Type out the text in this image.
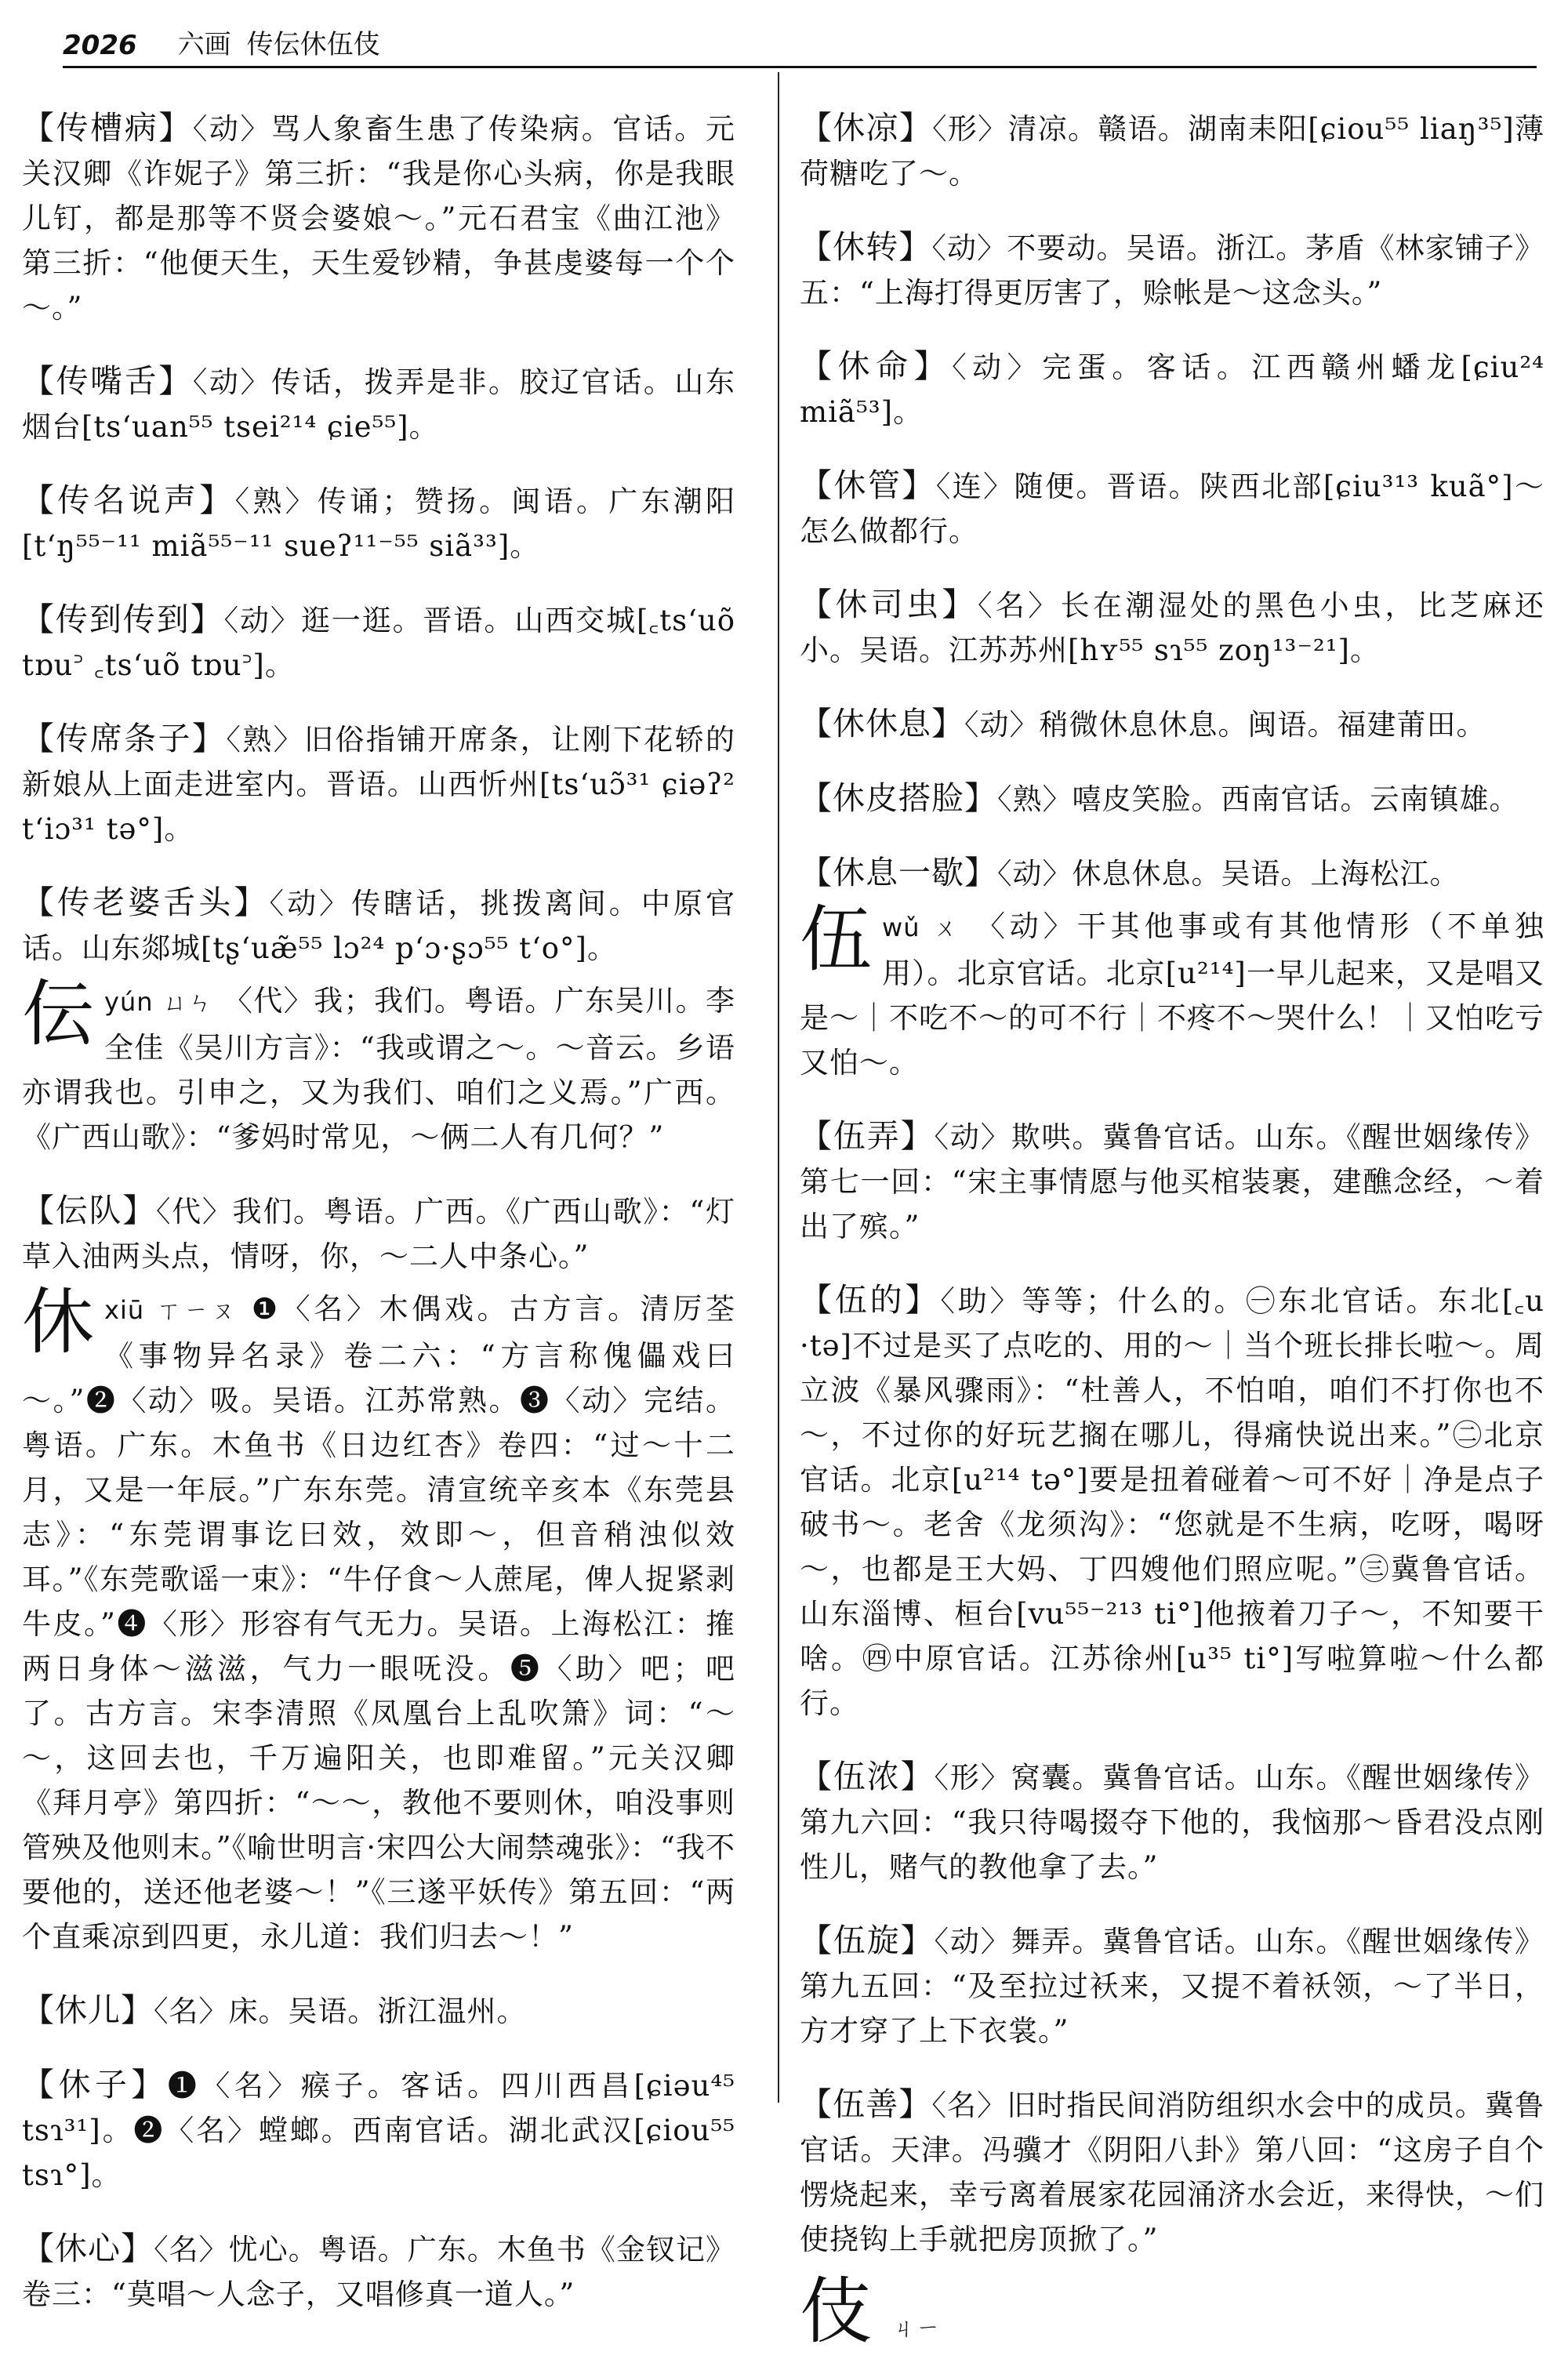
2026 六画 传伝休伍伎

【传槽病】〈动〉骂人象畜生患了传染病。官话。元关汉卿《诈妮子》第三折：“我是你心头病，你是我眼儿钉，都是那等不贤会婆娘～。”元石君宝《曲江池》第三折：“他便天生，天生爱钞精，争甚虔婆每一个个～。”

【传嘴舌】〈动〉传话，拨弄是非。胶辽官话。山东烟台[ts‘uan⁵⁵ tsei²¹⁴ ɕie⁵⁵]。

【传名说声】〈熟〉传诵；赞扬。闽语。广东潮阳[t‘ŋ⁵⁵⁻¹¹ miã⁵⁵⁻¹¹ sueʔ¹¹⁻⁵⁵ siã³³]。

【传到传到】〈动〉逛一逛。晋语。山西交城[꜀ts‘uõ tɒu꜄ ꜀ts‘uõ tɒu꜄]。

【传席条子】〈熟〉旧俗指铺开席条，让刚下花轿的新娘从上面走进室内。晋语。山西忻州[ts‘uɔ̃³¹ ɕiəʔ² t‘iɔ³¹ tə°]。

【传老婆舌头】〈动〉传瞎话，挑拨离间。中原官话。山东郯城[tʂ‘uæ̃⁵⁵ lɔ²⁴ p‘ɔ·ʂɔ⁵⁵ t‘o°]。

伝yún ㄩㄣ 〈代〉我；我们。粤语。广东吴川。李全佳《吴川方言》：“我或谓之～。～音云。乡语亦谓我也。引申之，又为我们、咱们之义焉。”广西。《广西山歌》：“爹妈时常见，～俩二人有几何？”

【伝队】〈代〉我们。粤语。广西。《广西山歌》：“灯草入油两头点，情呀，你，～二人中条心。”

休xiū ㄒㄧㄡ ❶〈名〉木偶戏。古方言。清厉荃《事物异名录》卷二六：“方言称傀儡戏曰～。”❷〈动〉吸。吴语。江苏常熟。❸〈动〉完结。粤语。广东。木鱼书《日边红杏》卷四：“过～十二月，又是一年辰。”广东东莞。清宣统辛亥本《东莞县志》：“东莞谓事讫曰效，效即～，但音稍浊似效耳。”《东莞歌谣一束》：“牛仔食～人蔗尾，俾人捉紧剥牛皮。”❹〈形〉形容有气无力。吴语。上海松江：搉两日身体～滋滋，气力一眼呒没。❺〈助〉吧；吧了。古方言。宋李清照《凤凰台上乱吹箫》词：“～～，这回去也，千万遍阳关，也即难留。”元关汉卿《拜月亭》第四折：“～～，教他不要则休，咱没事则管殃及他则末。”《喻世明言·宋四公大闹禁魂张》：“我不要他的，送还他老婆～！”《三遂平妖传》第五回：“两个直乘凉到四更，永儿道：我们归去～！”

【休儿】〈名〉床。吴语。浙江温州。

【休子】❶〈名〉瘊子。客话。四川西昌[ɕiəu⁴⁵ tsɿ³¹]。❷〈名〉螳螂。西南官话。湖北武汉[ɕiou⁵⁵ tsɿ°]。

【休心】〈名〉忧心。粤语。广东。木鱼书《金钗记》卷三：“莫唱～人念子，又唱修真一道人。”

【休凉】〈形〉清凉。赣语。湖南耒阳[ɕiou⁵⁵ liaŋ³⁵]薄荷糖吃了～。

【休转】〈动〉不要动。吴语。浙江。茅盾《林家铺子》五：“上海打得更厉害了，赊帐是～这念头。”

【休命】〈动〉完蛋。客话。江西赣州蟠龙[ɕiu²⁴ miã⁵³]。

【休管】〈连〉随便。晋语。陕西北部[ɕiu³¹³ kuã°]～怎么做都行。

【休司虫】〈名〉长在潮湿处的黑色小虫，比芝麻还小。吴语。江苏苏州[hʏ⁵⁵ sɿ⁵⁵ zoŋ¹³⁻²¹]。

【休休息】〈动〉稍微休息休息。闽语。福建莆田。

【休皮搭脸】〈熟〉嘻皮笑脸。西南官话。云南镇雄。

【休息一歇】〈动〉休息休息。吴语。上海松江。

伍wǔ ㄨ 〈动〉干其他事或有其他情形（不单独用）。北京官话。北京[u²¹⁴]一早儿起来，又是唱又是～｜不吃不～的可不行｜不疼不～哭什么！｜又怕吃亏又怕～。

【伍弄】〈动〉欺哄。冀鲁官话。山东。《醒世姻缘传》第七一回：“宋主事情愿与他买棺装裹，建醮念经，～着出了殡。”

【伍的】〈助〉等等；什么的。㊀东北官话。东北[꜀u ·tə]不过是买了点吃的、用的～｜当个班长排长啦～。周立波《暴风骤雨》：“杜善人，不怕咱，咱们不打你也不～，不过你的好玩艺搁在哪儿，得痛快说出来。”㊁北京官话。北京[u²¹⁴ tə°]要是扭着碰着～可不好｜净是点子破书～。老舍《龙须沟》：“您就是不生病，吃呀，喝呀～，也都是王大妈、丁四嫂他们照应呢。”㊂冀鲁官话。山东淄博、桓台[vu⁵⁵⁻²¹³ ti°]他掖着刀子～，不知要干啥。㊃中原官话。江苏徐州[u³⁵ ti°]写啦算啦～什么都行。

【伍浓】〈形〉窝囊。冀鲁官话。山东。《醒世姻缘传》第九六回：“我只待喝掇夺下他的，我恼那～昏君没点刚性儿，赌气的教他拿了去。”

【伍旋】〈动〉舞弄。冀鲁官话。山东。《醒世姻缘传》第九五回：“及至拉过袄来，又提不着袄领，～了半日，方才穿了上下衣裳。”

【伍善】〈名〉旧时指民间消防组织水会中的成员。冀鲁官话。天津。冯骥才《阴阳八卦》第八回：“这房子自个愣烧起来，幸亏离着展家花园涌济水会近，来得快，～们使挠钩上手就把房顶掀了。”

伎 ㄐㄧ
